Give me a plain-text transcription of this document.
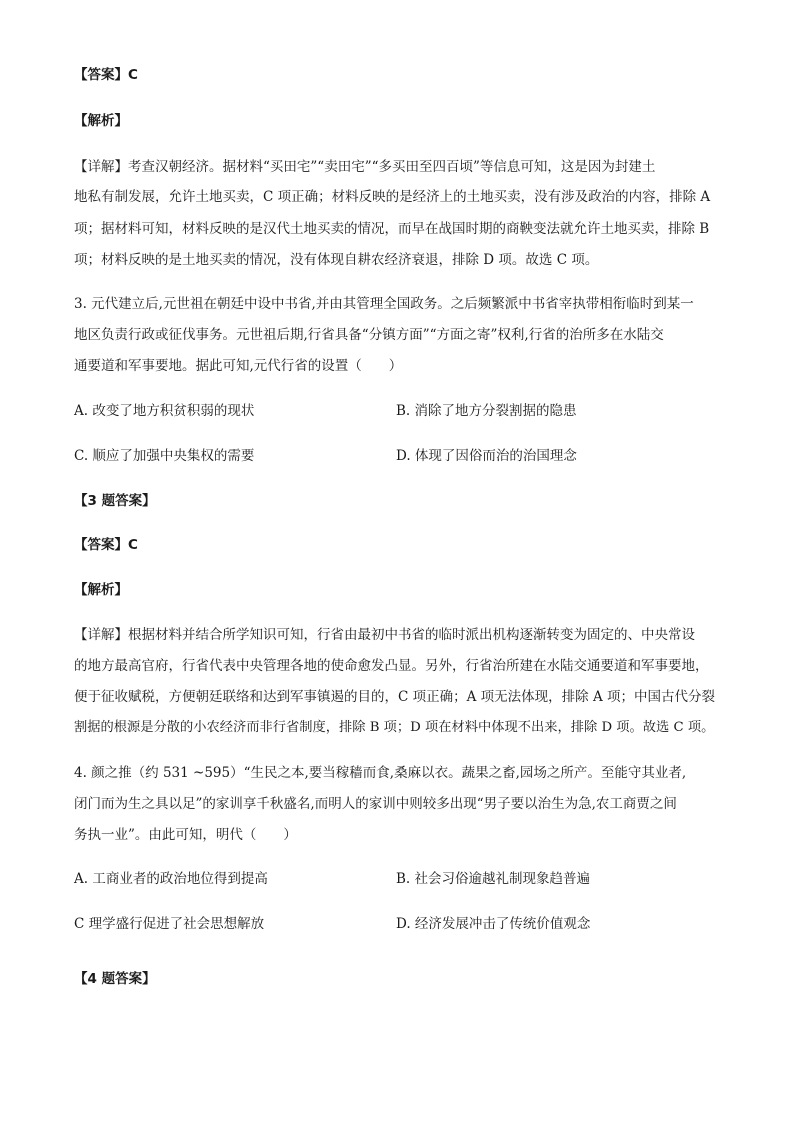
【答案】C
【解析】
【详解】考查汉朝经济。据材料“买田宅”“卖田宅”“多买田至四百顷”等信息可知，这是因为封建土
地私有制发展，允许土地买卖，C 项正确；材料反映的是经济上的土地买卖，没有涉及政治的内容，排除 A
项；据材料可知，材料反映的是汉代土地买卖的情况，而早在战国时期的商鞅变法就允许土地买卖，排除 B
项；材料反映的是土地买卖的情况，没有体现自耕农经济衰退，排除 D 项。故选 C 项。
3. 元代建立后,元世祖在朝廷中设中书省,并由其管理全国政务。之后频繁派中书省宰执带相衔临时到某一
地区负责行政或征伐事务。元世祖后期,行省具备“分镇方面”“方面之寄”权利,行省的治所多在水陆交
通要道和军事要地。据此可知,元代行省的设置（　　）
A. 改变了地方积贫积弱的现状	B. 消除了地方分裂割据的隐患
C. 顺应了加强中央集权的需要	D. 体现了因俗而治的治国理念
【3 题答案】
【答案】C
【解析】
【详解】根据材料并结合所学知识可知，行省由最初中书省的临时派出机构逐渐转变为固定的、中央常设
的地方最高官府，行省代表中央管理各地的使命愈发凸显。另外，行省治所建在水陆交通要道和军事要地，
便于征收赋税，方便朝廷联络和达到军事镇遏的目的，C 项正确；A 项无法体现，排除 A 项；中国古代分裂
割据的根源是分散的小农经济而非行省制度，排除 B 项；D 项在材料中体现不出来，排除 D 项。故选 C 项。
4. 颜之推（约 531 ~595）“生民之本,要当稼穑而食,桑麻以衣。蔬果之畜,园场之所产。至能守其业者,
闭门而为生之具以足”的家训享千秋盛名,而明人的家训中则较多出现“男子要以治生为急,农工商贾之间
务执一业”。由此可知，明代（　　）
A. 工商业者的政治地位得到提高	B. 社会习俗逾越礼制现象趋普遍
C 理学盛行促进了社会思想解放	D. 经济发展冲击了传统价值观念
【4 题答案】
